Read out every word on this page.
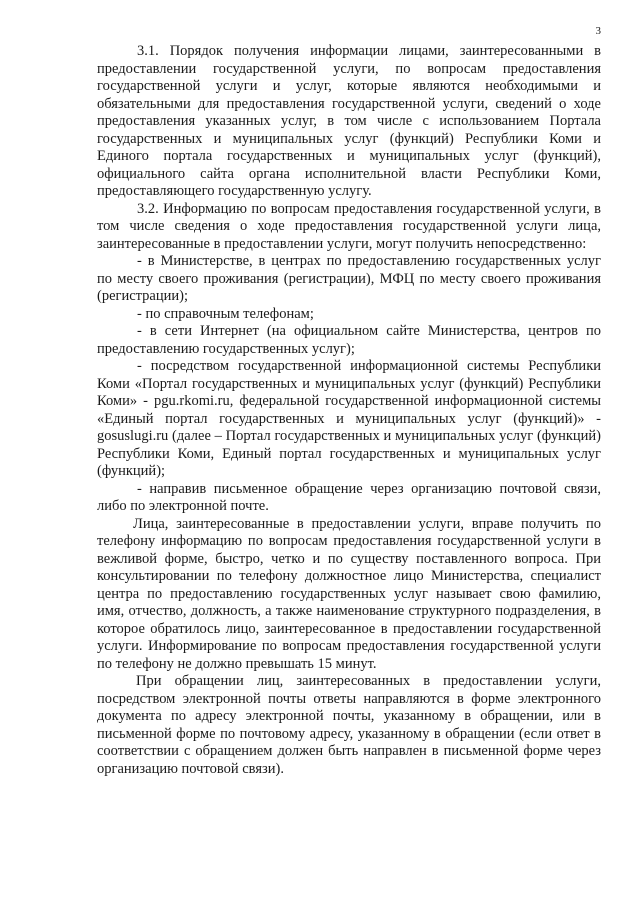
3

3.1. Порядок получения информации лицами, заинтересованными в предоставлении государственной услуги, по вопросам предоставления государственной услуги и услуг, которые являются необходимыми и обязательными для предоставления государственной услуги, сведений о ходе предоставления указанных услуг, в том числе с использованием Портала государственных и муниципальных услуг (функций) Республики Коми и Единого портала государственных и муниципальных услуг (функций), официального сайта органа исполнительной власти Республики Коми, предоставляющего государственную услугу.

3.2. Информацию по вопросам предоставления государственной услуги, в том числе сведения о ходе предоставления государственной услуги лица, заинтересованные в предоставлении услуги, могут получить непосредственно:

- в Министерстве, в центрах по предоставлению государственных услуг по месту своего проживания (регистрации), МФЦ по месту своего проживания (регистрации);

- по справочным телефонам;

- в сети Интернет (на официальном сайте Министерства, центров по предоставлению государственных услуг);

- посредством государственной информационной системы Республики Коми «Портал государственных и муниципальных услуг (функций) Республики Коми» - pgu.rkomi.ru, федеральной государственной информационной системы «Единый портал государственных и муниципальных услуг (функций)» - gosuslugi.ru (далее – Портал государственных и муниципальных услуг (функций) Республики Коми, Единый портал государственных и муниципальных услуг (функций);

- направив письменное обращение через организацию почтовой связи, либо по электронной почте.

Лица, заинтересованные в предоставлении услуги, вправе получить по телефону информацию по вопросам предоставления государственной услуги в вежливой форме, быстро, четко и по существу поставленного вопроса. При консультировании по телефону должностное лицо Министерства, специалист центра по предоставлению государственных услуг называет свою фамилию, имя, отчество, должность, а также наименование структурного подразделения, в которое обратилось лицо, заинтересованное в предоставлении государственной услуги. Информирование по вопросам предоставления государственной услуги по телефону не должно превышать 15 минут.

При обращении лиц, заинтересованных в предоставлении услуги, посредством электронной почты ответы направляются в форме электронного документа по адресу электронной почты, указанному в обращении, или в письменной форме по почтовому адресу, указанному в обращении (если ответ в соответствии с обращением должен быть направлен в письменной форме через организацию почтовой связи).
